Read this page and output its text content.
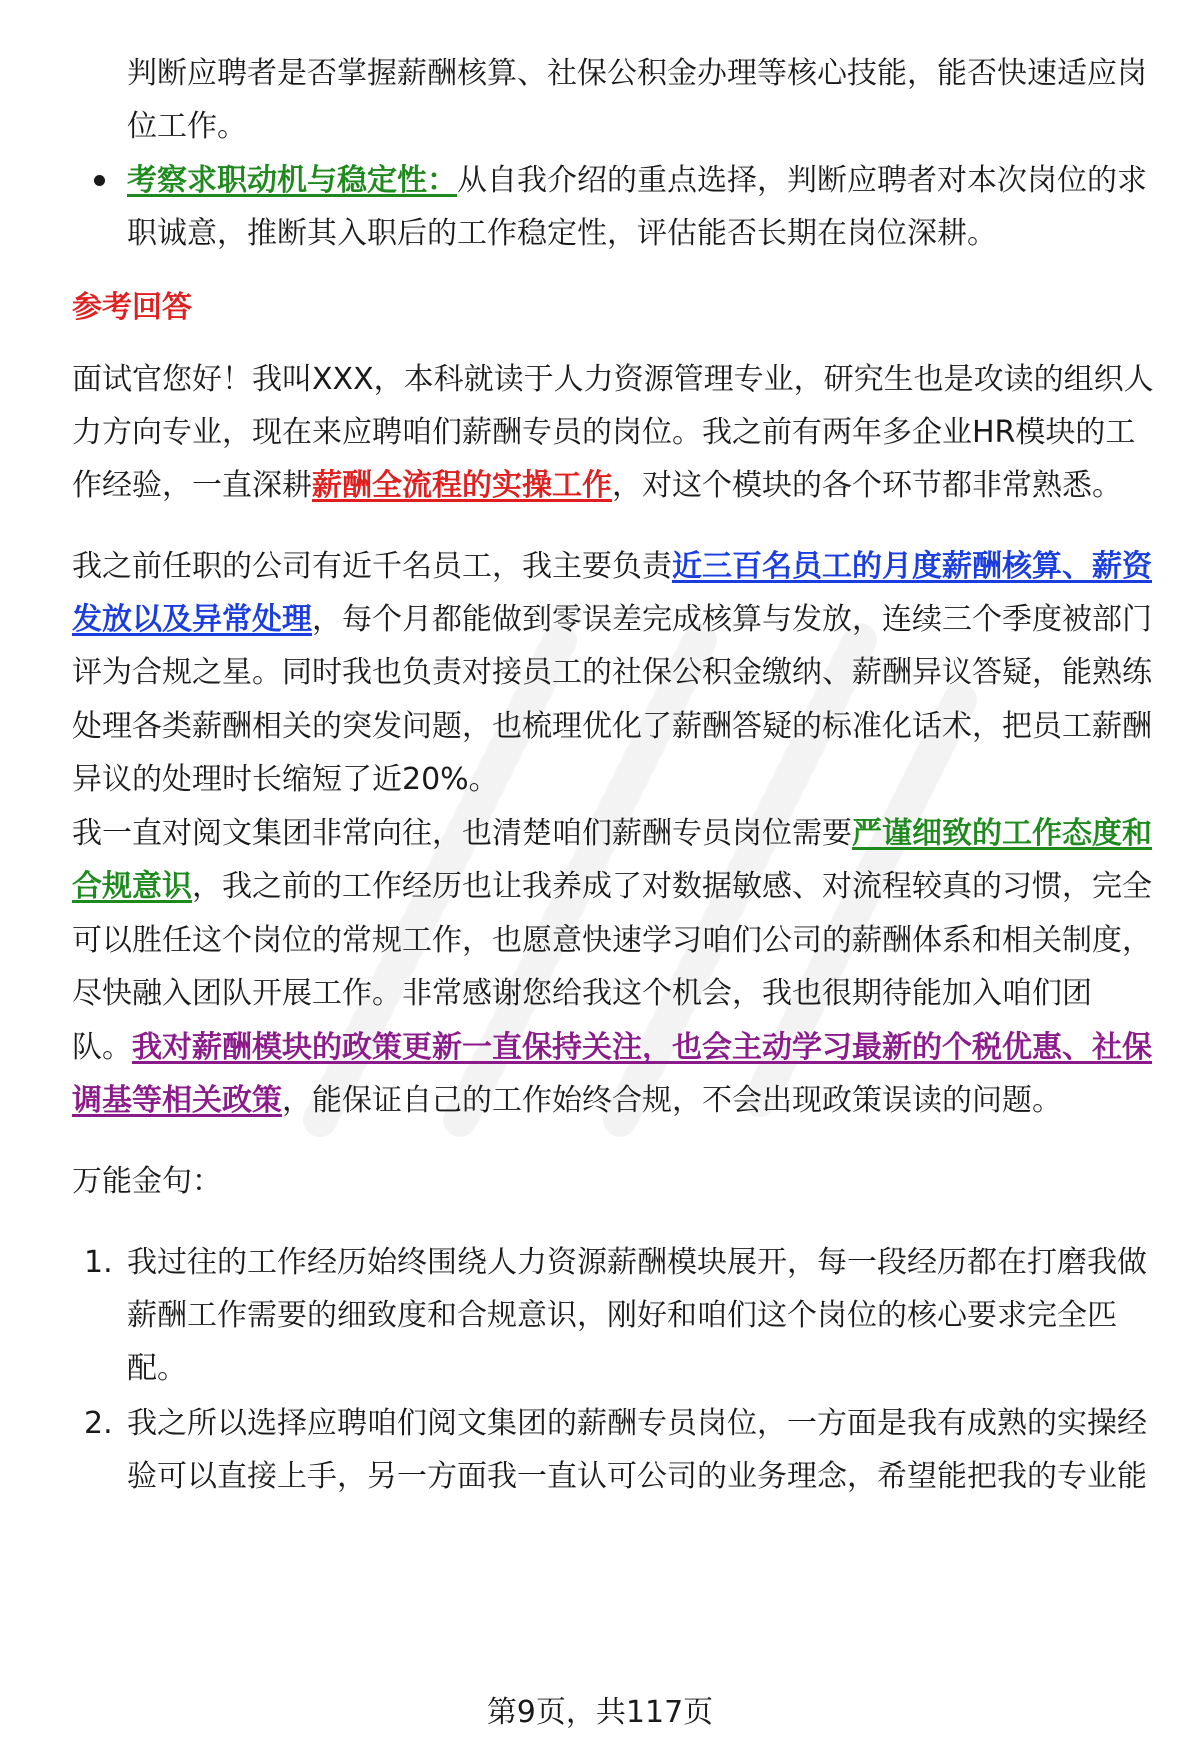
判断应聘者是否掌握薪酬核算、社保公积金办理等核心技能，能否快速适应岗
位工作。
考察求职动机与稳定性：从自我介绍的重点选择，判断应聘者对本次岗位的求
职诚意，推断其入职后的工作稳定性，评估能否长期在岗位深耕。
参考回答
面试官您好！我叫XXX，本科就读于人力资源管理专业，研究生也是攻读的组织人
力方向专业，现在来应聘咱们薪酬专员的岗位。我之前有两年多企业HR模块的工
作经验，一直深耕薪酬全流程的实操工作，对这个模块的各个环节都非常熟悉。
我之前任职的公司有近千名员工，我主要负责近三百名员工的月度薪酬核算、薪资
发放以及异常处理，每个月都能做到零误差完成核算与发放，连续三个季度被部门
评为合规之星。同时我也负责对接员工的社保公积金缴纳、薪酬异议答疑，能熟练
处理各类薪酬相关的突发问题，也梳理优化了薪酬答疑的标准化话术，把员工薪酬
异议的处理时长缩短了近20%。
我一直对阅文集团非常向往，也清楚咱们薪酬专员岗位需要严谨细致的工作态度和
合规意识，我之前的工作经历也让我养成了对数据敏感、对流程较真的习惯，完全
可以胜任这个岗位的常规工作，也愿意快速学习咱们公司的薪酬体系和相关制度，
尽快融入团队开展工作。非常感谢您给我这个机会，我也很期待能加入咱们团
队。我对薪酬模块的政策更新一直保持关注，也会主动学习最新的个税优惠、社保
调基等相关政策，能保证自己的工作始终合规，不会出现政策误读的问题。
万能金句：
1. 我过往的工作经历始终围绕人力资源薪酬模块展开，每一段经历都在打磨我做
薪酬工作需要的细致度和合规意识，刚好和咱们这个岗位的核心要求完全匹
配。
2. 我之所以选择应聘咱们阅文集团的薪酬专员岗位，一方面是我有成熟的实操经
验可以直接上手，另一方面我一直认可公司的业务理念，希望能把我的专业能
第9页，共117页
